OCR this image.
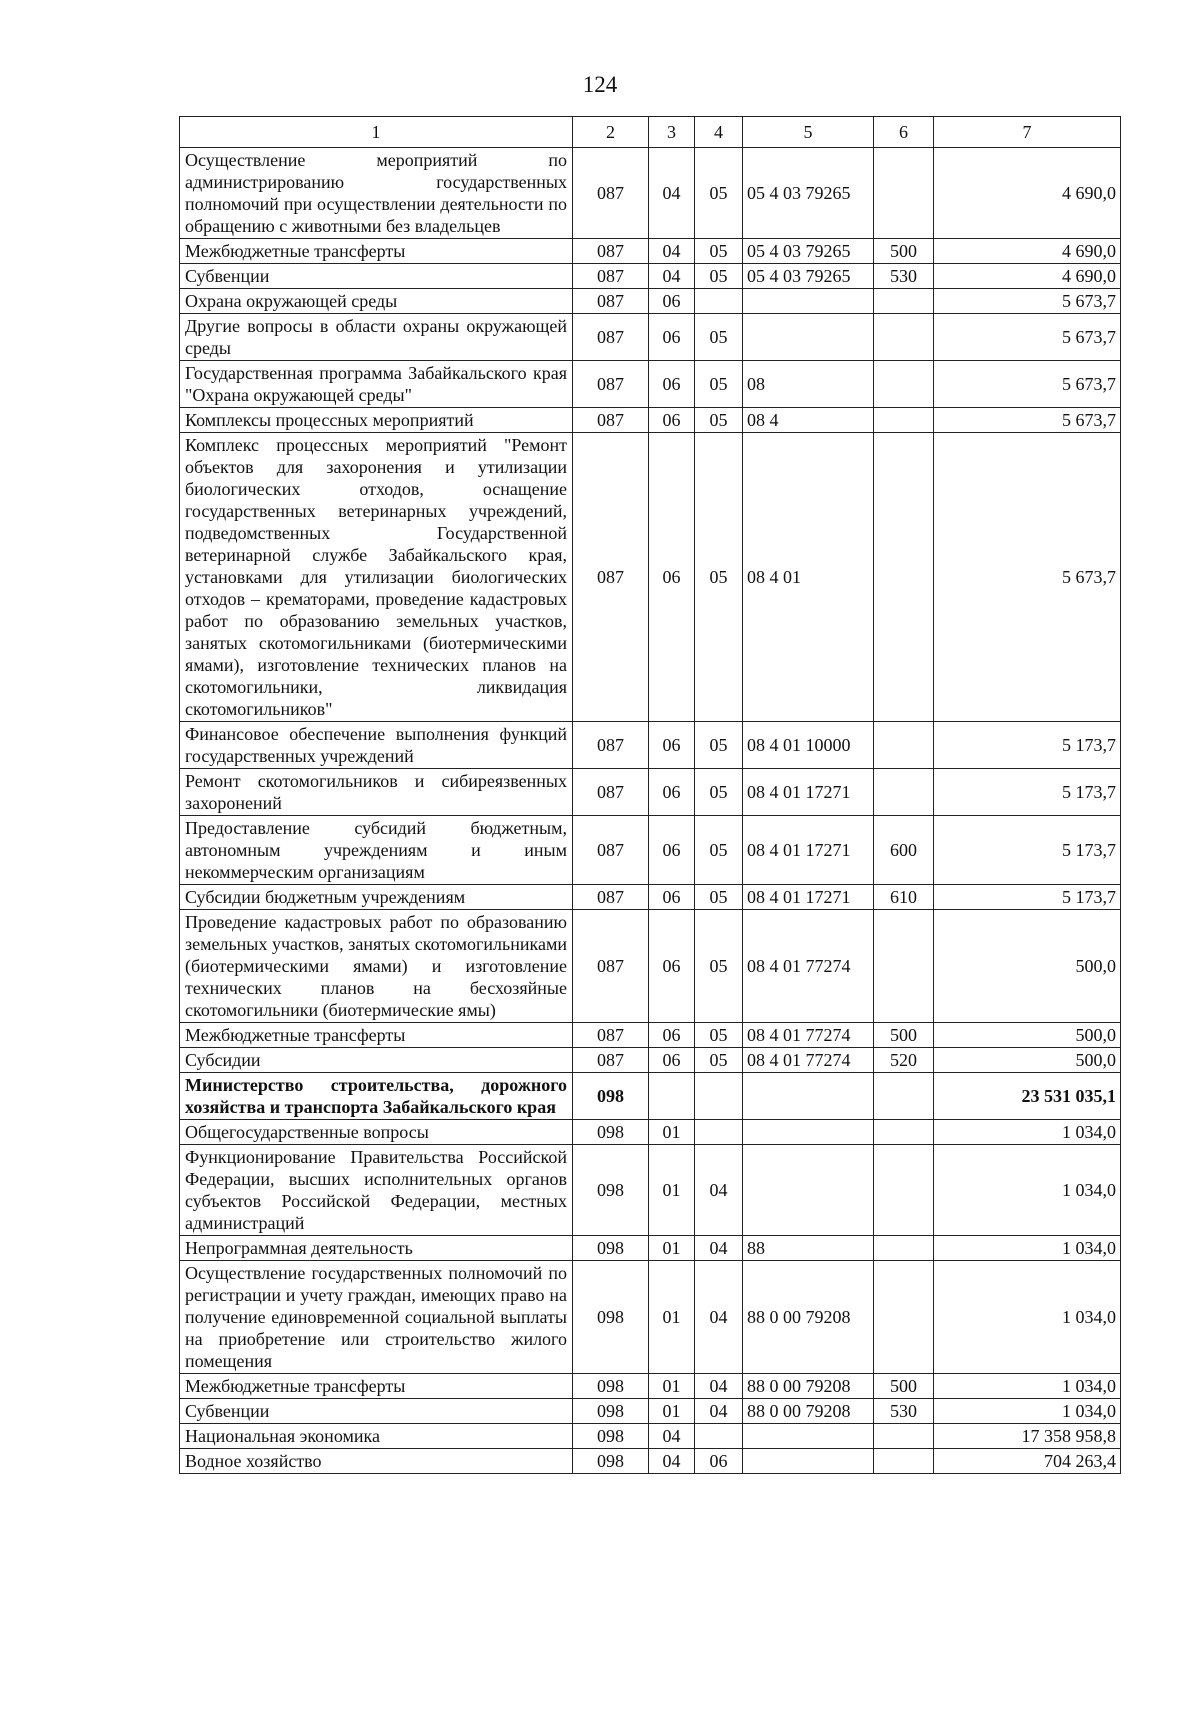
124
1	2	3	4	5	6	7
Осуществление мероприятий по администрированию государственных полномочий при осуществлении деятельности по обращению с животными без владельцев	087	04	05	05 4 03 79265		4 690,0
Межбюджетные трансферты	087	04	05	05 4 03 79265	500	4 690,0
Субвенции	087	04	05	05 4 03 79265	530	4 690,0
Охрана окружающей среды	087	06				5 673,7
Другие вопросы в области охраны окружающей среды	087	06	05			5 673,7
Государственная программа Забайкальского края "Охрана окружающей среды"	087	06	05	08		5 673,7
Комплексы процессных мероприятий	087	06	05	08 4		5 673,7
Комплекс процессных мероприятий "Ремонт объектов для захоронения и утилизации биологических отходов, оснащение государственных ветеринарных учреждений, подведомственных Государственной ветеринарной службе Забайкальского края, установками для утилизации биологических отходов – крематорами, проведение кадастровых работ по образованию земельных участков, занятых скотомогильниками (биотермическими ямами), изготовление технических планов на скотомогильники, ликвидация скотомогильников"	087	06	05	08 4 01		5 673,7
Финансовое обеспечение выполнения функций государственных учреждений	087	06	05	08 4 01 10000		5 173,7
Ремонт скотомогильников и сибиреязвенных захоронений	087	06	05	08 4 01 17271		5 173,7
Предоставление субсидий бюджетным, автономным учреждениям и иным некоммерческим организациям	087	06	05	08 4 01 17271	600	5 173,7
Субсидии бюджетным учреждениям	087	06	05	08 4 01 17271	610	5 173,7
Проведение кадастровых работ по образованию земельных участков, занятых скотомогильниками (биотермическими ямами) и изготовление технических планов на бесхозяйные скотомогильники (биотермические ямы)	087	06	05	08 4 01 77274		500,0
Межбюджетные трансферты	087	06	05	08 4 01 77274	500	500,0
Субсидии	087	06	05	08 4 01 77274	520	500,0
Министерство строительства, дорожного хозяйства и транспорта Забайкальского края	098					23 531 035,1
Общегосударственные вопросы	098	01				1 034,0
Функционирование Правительства Российской Федерации, высших исполнительных органов субъектов Российской Федерации, местных администраций	098	01	04			1 034,0
Непрограммная деятельность	098	01	04	88		1 034,0
Осуществление государственных полномочий по регистрации и учету граждан, имеющих право на получение единовременной социальной выплаты на приобретение или строительство жилого помещения	098	01	04	88 0 00 79208		1 034,0
Межбюджетные трансферты	098	01	04	88 0 00 79208	500	1 034,0
Субвенции	098	01	04	88 0 00 79208	530	1 034,0
Национальная экономика	098	04				17 358 958,8
Водное хозяйство	098	04	06			704 263,4
